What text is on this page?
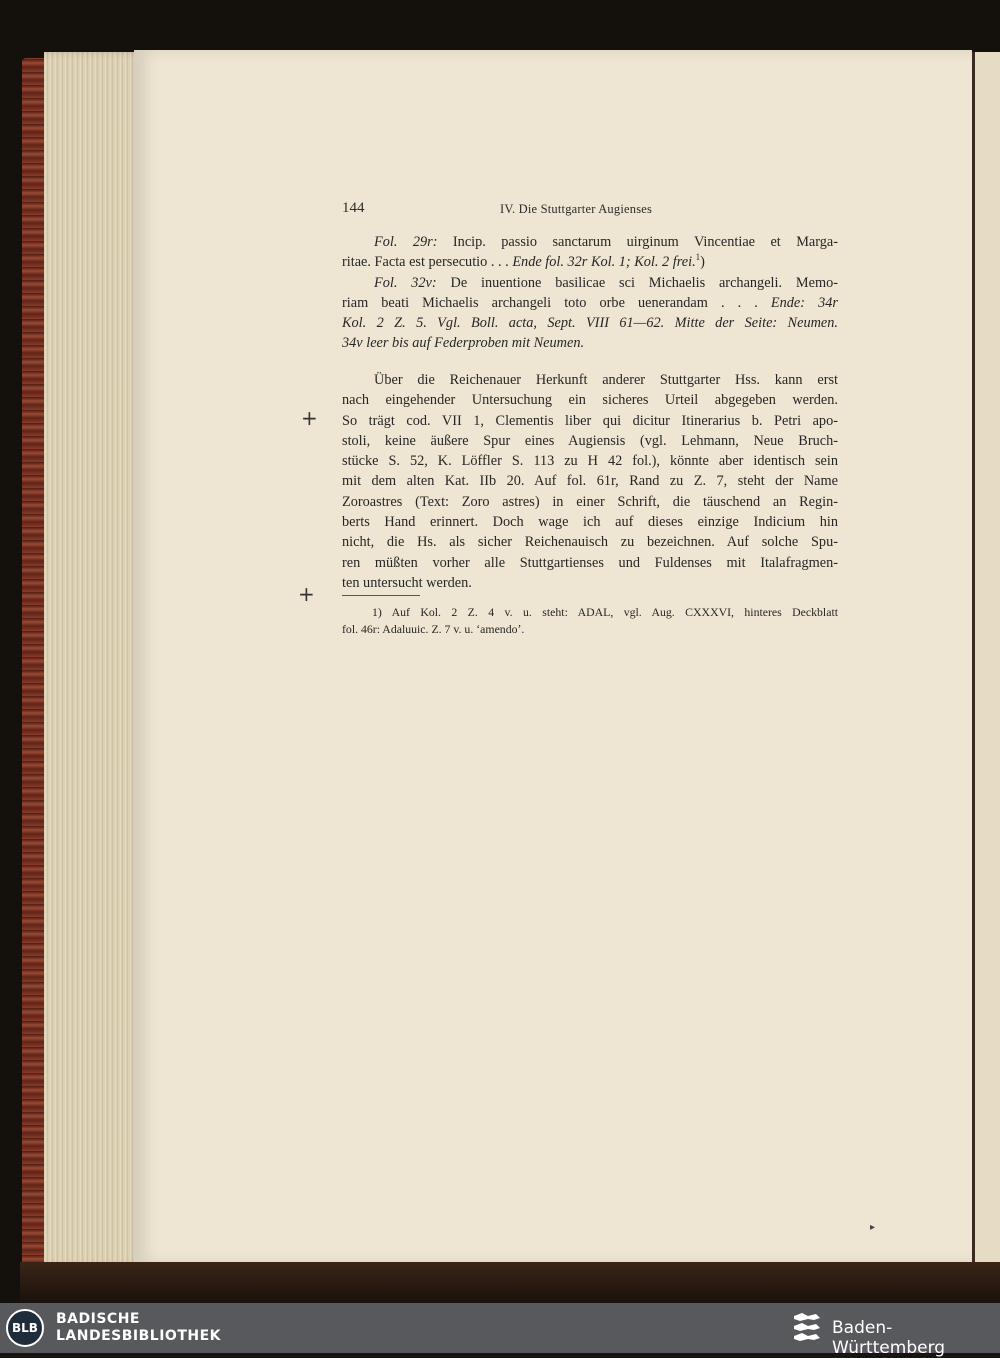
▸
144	IV. Die Stuttgarter Augienses
Fol. 29r: Incip. passio sanctarum uirginum Vincentiae et Marga-
ritae. Facta est persecutio . . . Ende fol. 32r Kol. 1; Kol. 2 frei.$^1$)
Fol. 32v: De inuentione basilicae sci Michaelis archangeli. Memo-
riam beati Michaelis archangeli toto orbe uenerandam . . . Ende: 34r
Kol. 2 Z. 5. Vgl. Boll. acta, Sept. VIII 61—62. Mitte der Seite: Neumen.
34v leer bis auf Federproben mit Neumen.
Über die Reichenauer Herkunft anderer Stuttgarter Hss. kann erst
nach eingehender Untersuchung ein sicheres Urteil abgegeben werden.
So trägt cod. VII 1, Clementis liber qui dicitur Itinerarius b. Petri apo-
stoli, keine äußere Spur eines Augiensis (vgl. Lehmann, Neue Bruch-
stücke S. 52, K. Löffler S. 113 zu H 42 fol.), könnte aber identisch sein
mit dem alten Kat. IIb 20. Auf fol. 61r, Rand zu Z. 7, steht der Name
Zoroastres (Text: Zoro astres) in einer Schrift, die täuschend an Regin-
berts Hand erinnert. Doch wage ich auf dieses einzige Indicium hin
nicht, die Hs. als sicher Reichenauisch zu bezeichnen. Auf solche Spu-
ren müßten vorher alle Stuttgartienses und Fuldenses mit Italafragmen-
ten untersucht werden.
+
+
1) Auf Kol. 2 Z. 4 v. u. steht: ADAL, vgl. Aug. CXXXVI, hinteres Deckblatt
fol. 46r: Adaluuic. Z. 7 v. u. ʻamendoʼ.
BLB
BADISCHE
LANDESBIBLIOTHEK	Baden-Württemberg
